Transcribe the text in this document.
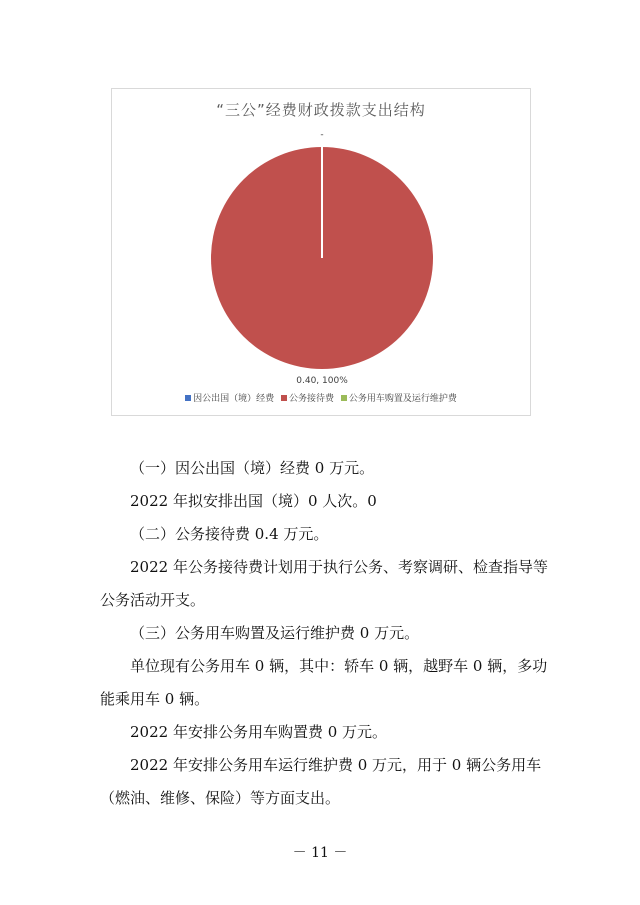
“三公”经费财政拨款支出结构
-
0.40, 100%
因公出国（境）经费 公务接待费 公务用车购置及运行维护费

（一）因公出国（境）经费 0 万元。

2022 年拟安排出国（境）0 人次。0

（二）公务接待费 0.4 万元。

2022 年公务接待费计划用于执行公务、考察调研、检查指导等公务活动开支。

（三）公务用车购置及运行维护费 0 万元。

单位现有公务用车 0 辆，其中：轿车 0 辆，越野车 0 辆，多功能乘用车 0 辆。

2022 年安排公务用车购置费 0 万元。

2022 年安排公务用车运行维护费 0 万元，用于 0 辆公务用车（燃油、维修、保险）等方面支出。

－ 11 －
